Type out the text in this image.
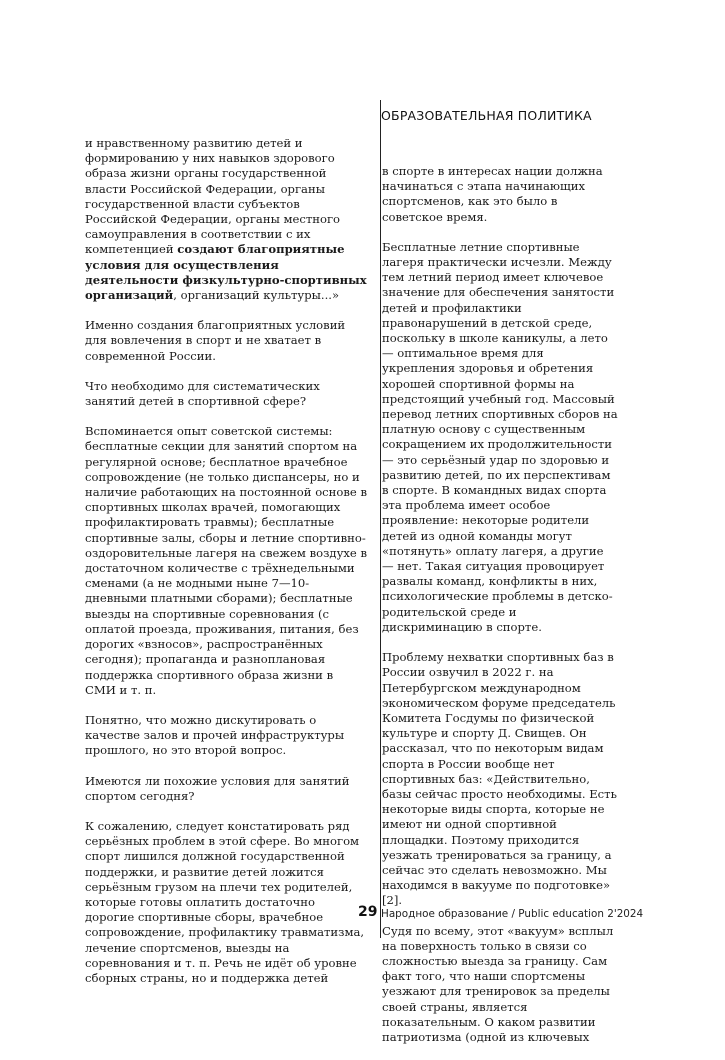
ОБРАЗОВАТЕЛЬНАЯ ПОЛИТИКА

и нравственному развитию детей и формированию у них навыков здорового образа жизни органы государственной власти Российской Федерации, органы государственной власти субъектов Российской Федерации, органы местного самоуправления в соответствии с их компетенцией создают благоприятные условия для осуществления деятельности физкультурно-спортивных организаций, организаций культуры...»

Именно создания благоприятных условий для вовлечения в спорт и не хватает в современной России.

Что необходимо для систематических занятий детей в спортивной сфере?

Вспоминается опыт советской системы: бесплатные секции для занятий спортом на регулярной основе; бесплатное врачебное сопровождение (не только диспансеры, но и наличие работающих на постоянной основе в спортивных школах врачей, помогающих профилактировать травмы); бесплатные спортивные залы, сборы и летние спортивно-оздоровительные лагеря на свежем воздухе в достаточном количестве с трёхнедельными сменами (а не модными ныне 7—10-дневными платными сборами); бесплатные выезды на спортивные соревнования (с оплатой проезда, проживания, питания, без дорогих «взносов», распространённых сегодня); пропаганда и разноплановая поддержка спортивного образа жизни в СМИ и т. п.

Понятно, что можно дискутировать о качестве залов и прочей инфраструктуры прошлого, но это второй вопрос.

Имеются ли похожие условия для занятий спортом сегодня?

К сожалению, следует констатировать ряд серьёзных проблем в этой сфере. Во многом спорт лишился должной государственной поддержки, и развитие детей ложится серьёзным грузом на плечи тех родителей, которые готовы оплатить достаточно дорогие спортивные сборы, врачебное сопровождение, профилактику травматизма, лечение спортсменов, выезды на соревнования и т. п. Речь не идёт об уровне сборных страны, но и поддержка детей

в спорте в интересах нации должна начинаться с этапа начинающих спортсменов, как это было в советское время.

Бесплатные летние спортивные лагеря практически исчезли. Между тем летний период имеет ключевое значение для обеспечения занятости детей и профилактики правонарушений в детской среде, поскольку в школе каникулы, а лето — оптимальное время для укрепления здоровья и обретения хорошей спортивной формы на предстоящий учебный год. Массовый перевод летних спортивных сборов на платную основу с существенным сокращением их продолжительности — это серьёзный удар по здоровью и развитию детей, по их перспективам в спорте. В командных видах спорта эта проблема имеет особое проявление: некоторые родители детей из одной команды могут «потянуть» оплату лагеря, а другие — нет. Такая ситуация провоцирует развалы команд, конфликты в них, психологические проблемы в детско-родительской среде и дискриминацию в спорте.

Проблему нехватки спортивных баз в России озвучил в 2022 г. на Петербургском международном экономическом форуме председатель Комитета Госдумы по физической культуре и спорту Д. Свищев. Он рассказал, что по некоторым видам спорта в России вообще нет спортивных баз: «Действительно, базы сейчас просто необходимы. Есть некоторые виды спорта, которые не имеют ни одной спортивной площадки. Поэтому приходится уезжать тренироваться за границу, а сейчас это сделать невозможно. Мы находимся в вакууме по подготовке» [2].

Судя по всему, этот «вакуум» всплыл на поверхность только в связи со сложностью выезда за границу. Сам факт того, что наши спортсмены уезжают для тренировок за пределы своей страны, является показательным. О каком развитии патриотизма (одной из ключевых

29 Народное образование / Public education 2'2024
